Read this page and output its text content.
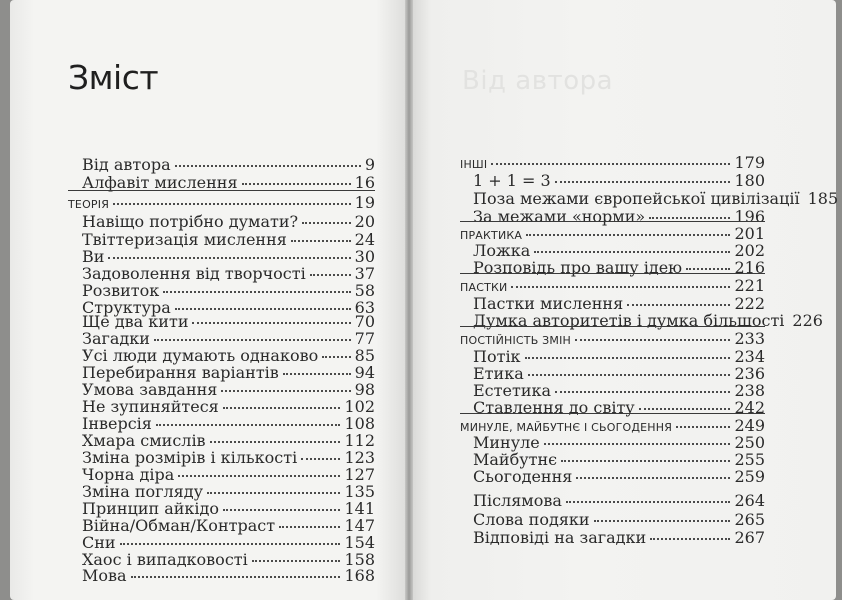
Зміст	Від автора
Від автора	9
Алфавіт мислення	16
ТЕОРІЯ	19
Навіщо потрібно думати?	20
Твіттеризація мислення	24
Ви	30
Задоволення від творчості	37
Розвиток	58
Структура	63
Ще два кити	70
Загадки	77
Усі люди думають однаково 85
Перебирання варіантів	94
Умова завдання	98
Не зупиняйтеся	102
Інверсія	108
Хмара смислів	112
Зміна розмірів і кількості	123
Чорна діра	127
Зміна погляду	135
Принцип айкідо	141
Війна/Обман/Контраст	147
Сни	154
Хаос і випадковості	158
Мова	168
ІНШІ	179
1 + 1 = 3	180
Поза межами європейської цивілізації 185
За межами «норми»	196
ПРАКТИКА	201
Ложка	202
Розповідь про вашу ідею	216
ПАСТКИ	221
Пастки мислення	222
Думка авторитетів і думка більшості 226
ПОСТІЙНІСТЬ ЗМІН	233
Потік	234
Етика	236
Естетика	238
Ставлення до світу	242
МИНУЛЕ, МАЙБУТНЄ І СЬОГОДЕННЯ	249
Минуле	250
Майбутнє	255
Сьогодення	259
Післямова	264
Слова подяки	265
Відповіді на загадки	267
